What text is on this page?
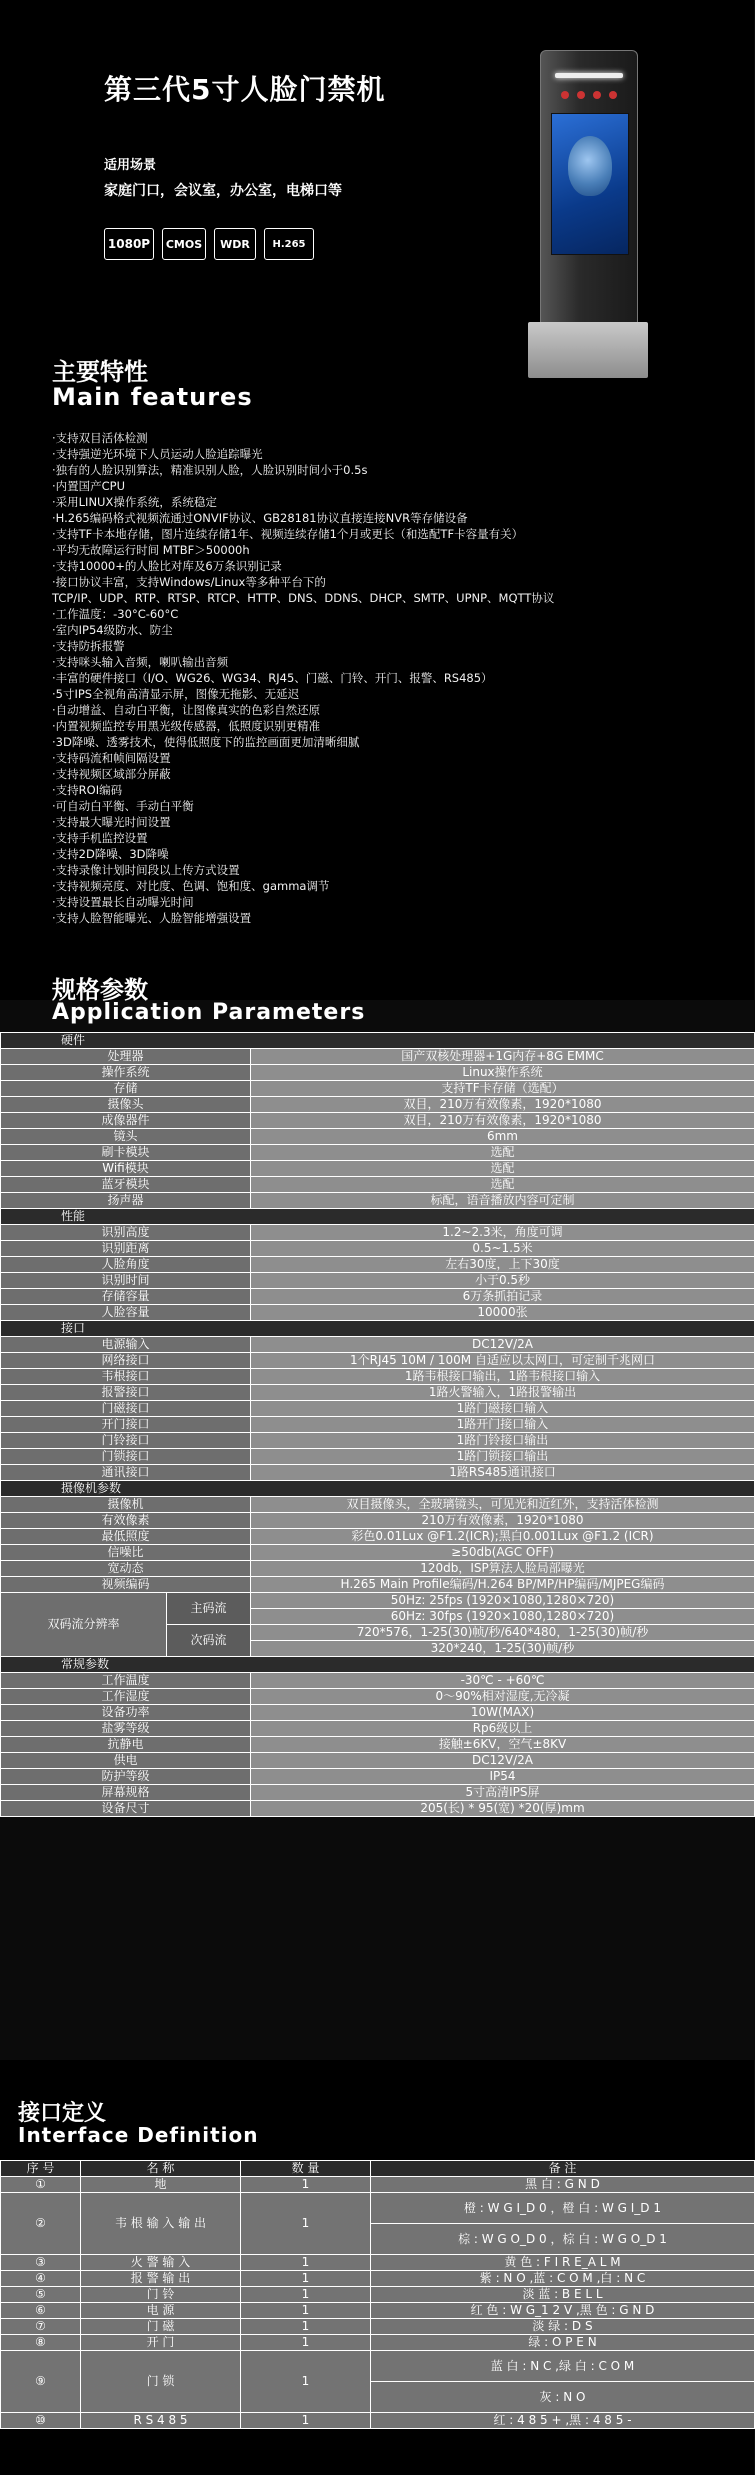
第三代5寸人脸门禁机
适用场景
家庭门口，会议室，办公室，电梯口等
1080P	CMOS	WDR	H.265
主要特性
Main features
·支持双目活体检测
·支持强逆光环境下人员运动人脸追踪曝光
·独有的人脸识别算法，精准识别人脸，人脸识别时间小于0.5s
·内置国产CPU
·采用LINUX操作系统，系统稳定
·H.265编码格式视频流通过ONVIF协议、GB28181协议直接连接NVR等存储设备
·支持TF卡本地存储，图片连续存储1年、视频连续存储1个月或更长（和选配TF卡容量有关）
·平均无故障运行时间 MTBF＞50000h
·支持10000+的人脸比对库及6万条识别记录
·接口协议丰富，支持Windows/Linux等多种平台下的
TCP/IP、UDP、RTP、RTSP、RTCP、HTTP、DNS、DDNS、DHCP、SMTP、UPNP、MQTT协议
·工作温度：-30°C-60°C
·室内IP54级防水、防尘
·支持防拆报警
·支持咪头输入音频，喇叭输出音频
·丰富的硬件接口（I/O、WG26、WG34、RJ45、门磁、门铃、开门、报警、RS485）
·5寸IPS全视角高清显示屏，图像无拖影、无延迟
·自动增益、自动白平衡，让图像真实的色彩自然还原
·内置视频监控专用黑光级传感器，低照度识别更精准
·3D降噪、透雾技术，使得低照度下的监控画面更加清晰细腻
·支持码流和帧间隔设置
·支持视频区域部分屏蔽
·支持ROI编码
·可自动白平衡、手动白平衡
·支持最大曝光时间设置
·支持手机监控设置
·支持2D降噪、3D降噪
·支持录像计划时间段以上传方式设置
·支持视频亮度、对比度、色调、饱和度、gamma调节
·支持设置最长自动曝光时间
·支持人脸智能曝光、人脸智能增强设置
规格参数
Application Parameters
硬件		
处理器		国产双核处理器+1G内存+8G EMMC
操作系统		Linux操作系统
存储		支持TF卡存储（选配）
摄像头		双目，210万有效像素，1920*1080
成像器件		双目，210万有效像素，1920*1080
镜头		6mm
刷卡模块		选配
Wifi模块		选配
蓝牙模块		选配
扬声器		标配，语音播放内容可定制
性能		
识别高度		1.2~2.3米，角度可调
识别距离		0.5~1.5米
人脸角度		左右30度，上下30度
识别时间		小于0.5秒
存储容量		6万条抓拍记录
人脸容量		10000张
接口		
电源输入		DC12V/2A
网络接口		1个RJ45 10M / 100M 自适应以太网口，可定制千兆网口
韦根接口		1路韦根接口输出，1路韦根接口输入
报警接口		1路火警输入，1路报警输出
门磁接口		1路门磁接口输入
开门接口		1路开门接口输入
门铃接口		1路门铃接口输出
门锁接口		1路门锁接口输出
通讯接口		1路RS485通讯接口
摄像机参数		
摄像机		双目摄像头，全玻璃镜头，可见光和近红外，支持活体检测
有效像素		210万有效像素，1920*1080
最低照度		彩色0.01Lux @F1.2(ICR);黑白0.001Lux @F1.2 (ICR)
信噪比		≥50db(AGC OFF)
宽动态		120db，ISP算法人脸局部曝光
视频编码		H.265 Main Profile编码/H.264 BP/MP/HP编码/MJPEG编码
双码流分辨率	主码流	50Hz: 25fps (1920×1080,1280×720)
		60Hz: 30fps (1920×1080,1280×720)
	次码流	720*576，1-25(30)帧/秒/640*480，1-25(30)帧/秒
		320*240，1-25(30)帧/秒
常规参数		
工作温度		-30℃ - +60℃
工作湿度		0～90%相对湿度,无冷凝
设备功率		10W(MAX)
盐雾等级		Rp6级以上
抗静电		接触±6KV，空气±8KV
供电		DC12V/2A
防护等级		IP54
屏幕规格		5寸高清IPS屏
设备尺寸		205(长) * 95(宽) *20(厚)mm
接口定义
Interface Definition
序 号	名 称	数 量	备 注
①	地	1	黑 白 : G N D
②	韦 根 输 入 输 出	1	橙 : W G I_D 0 ，橙 白 : W G I_D 1
			棕 : W G O_D 0 ，棕 白 : W G O_D 1
③	火 警 输 入	1	黄 色 : F I R E_A L M
④	报 警 输 出	1	紫 : N O ,蓝 : C O M ,白 : N C
⑤	门 铃	1	淡 蓝 : B E L L
⑥	电 源	1	红 色 : W G_1 2 V ,黑 色 : G N D
⑦	门 磁	1	淡 绿 : D S
⑧	开 门	1	绿 : O P E N
⑨	门 锁	1	蓝 白 : N C ,绿 白 : C O M
			灰 : N O
⑩	R S 4 8 5	1	红 : 4 8 5 + ,黑 : 4 8 5 -
